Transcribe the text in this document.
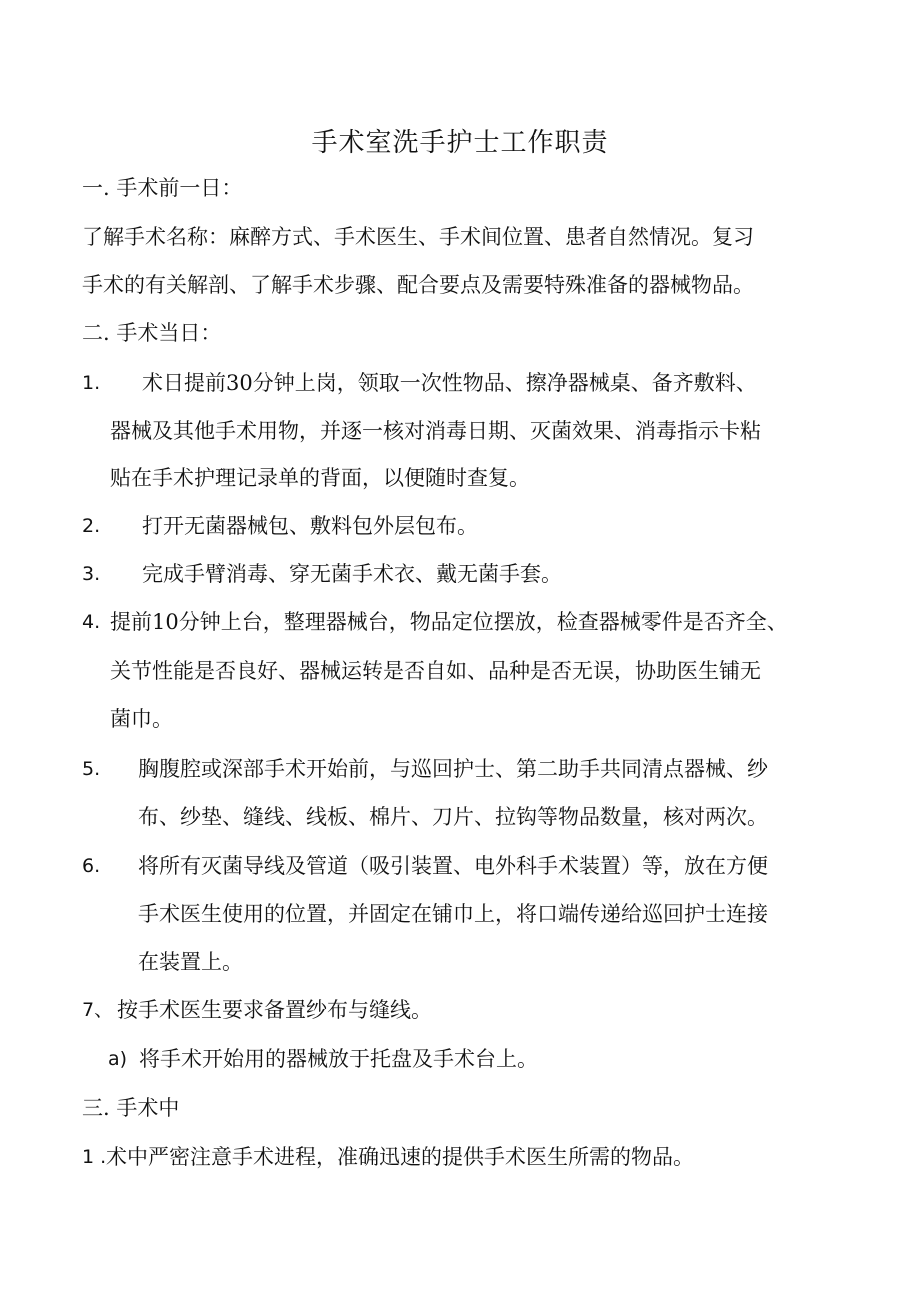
手术室洗手护士工作职责
一. 手术前一日：
了解手术名称：麻醉方式、手术医生、手术间位置、患者自然情况。复习
手术的有关解剖、了解手术步骤、配合要点及需要特殊准备的器械物品。
二. 手术当日：
1. 术日提前30分钟上岗，领取一次性物品、擦净器械桌、备齐敷料、
器械及其他手术用物，并逐一核对消毒日期、灭菌效果、消毒指示卡粘
贴在手术护理记录单的背面，以便随时查复。
2. 打开无菌器械包、敷料包外层包布。
3. 完成手臂消毒、穿无菌手术衣、戴无菌手套。
4. 提前10分钟上台，整理器械台，物品定位摆放，检查器械零件是否齐全、
关节性能是否良好、器械运转是否自如、品种是否无误，协助医生铺无
菌巾。
5. 胸腹腔或深部手术开始前，与巡回护士、第二助手共同清点器械、纱
布、纱垫、缝线、线板、棉片、刀片、拉钩等物品数量，核对两次。
6. 将所有灭菌导线及管道（吸引装置、电外科手术装置）等，放在方便
手术医生使用的位置，并固定在铺巾上，将口端传递给巡回护士连接
在装置上。
7、 按手术医生要求备置纱布与缝线。
a) 将手术开始用的器械放于托盘及手术台上。
三. 手术中
1 . 术中严密注意手术进程，准确迅速的提供手术医生所需的物品。
